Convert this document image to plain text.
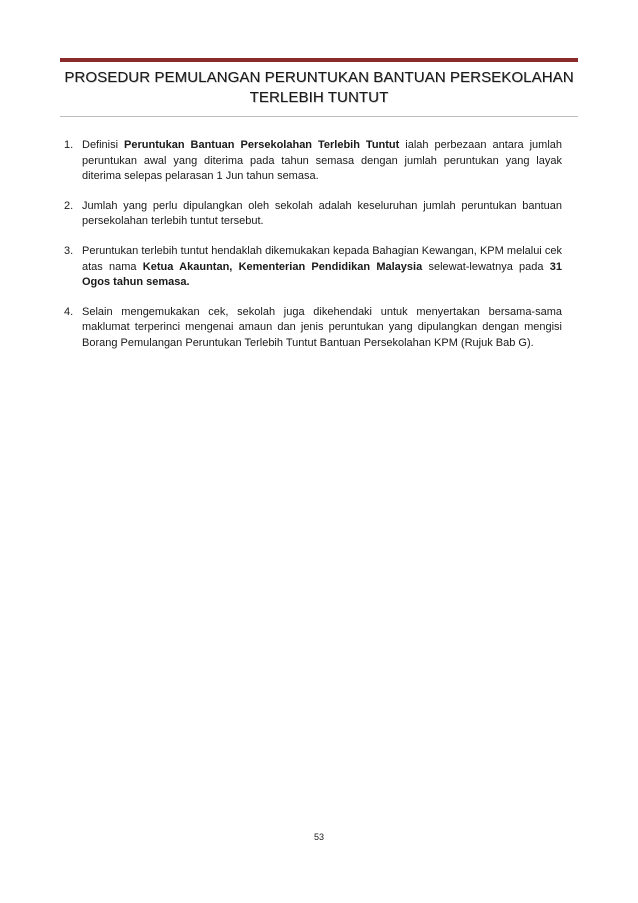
PROSEDUR PEMULANGAN PERUNTUKAN BANTUAN PERSEKOLAHAN
TERLEBIH TUNTUT
1. Definisi Peruntukan Bantuan Persekolahan Terlebih Tuntut ialah perbezaan antara jumlah peruntukan awal yang diterima pada tahun semasa dengan jumlah peruntukan yang layak diterima selepas pelarasan 1 Jun tahun semasa.
2. Jumlah yang perlu dipulangkan oleh sekolah adalah keseluruhan jumlah peruntukan bantuan persekolahan terlebih tuntut tersebut.
3. Peruntukan terlebih tuntut hendaklah dikemukakan kepada Bahagian Kewangan, KPM melalui cek atas nama Ketua Akauntan, Kementerian Pendidikan Malaysia selewat-lewatnya pada 31 Ogos tahun semasa.
4. Selain mengemukakan cek, sekolah juga dikehendaki untuk menyertakan bersama-sama maklumat terperinci mengenai amaun dan jenis peruntukan yang dipulangkan dengan mengisi Borang Pemulangan Peruntukan Terlebih Tuntut Bantuan Persekolahan KPM (Rujuk Bab G).
53
